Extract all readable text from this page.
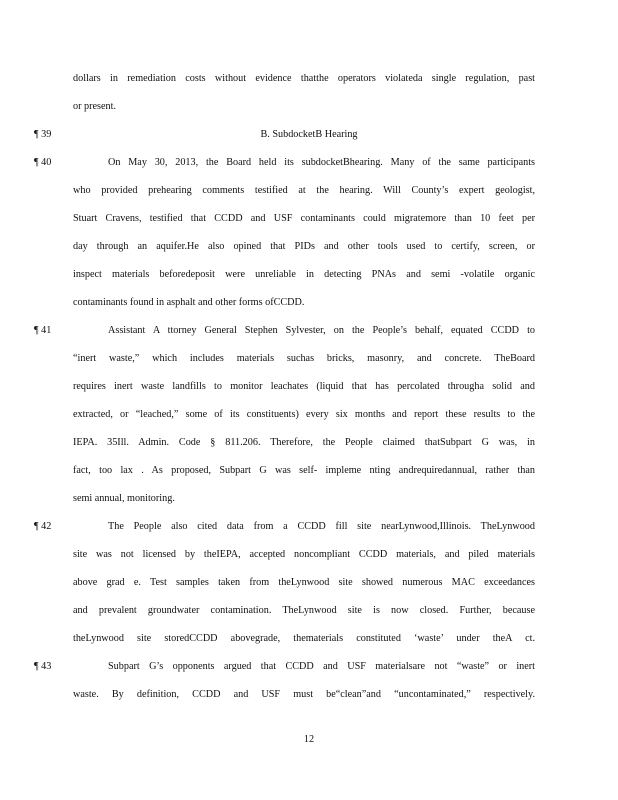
dollars in remediation costs without evidence thatthe operators violateda single regulation, past
or present.
¶ 39	B. SubdocketB Hearing
¶ 40	On May 30, 2013, the Board held its subdocketBhearing. Many of the same participants
who provided prehearing comments testified at the hearing. Will County’s expert geologist,
Stuart Cravens, testified that CCDD and USF contaminants could migratemore than 10 feet per
day through an aquifer.He also opined that PIDs and other tools used to certify, screen, or
inspect materials beforedeposit were unreliable in detecting PNAs and semi -volatile organic
contaminants found in asphalt and other forms ofCCDD.
¶ 41	Assistant A ttorney General Stephen Sylvester, on the People’s behalf, equated CCDD to
“inert waste,” which includes materials suchas bricks, masonry, and concrete. TheBoard
requires inert waste landfills to monitor leachates (liquid that has percolated througha solid and
extracted, or “leached,” some of its constituents) every six months and report these results to the
IEPA. 35Ill. Admin. Code § 811.206. Therefore, the People claimed thatSubpart G was, in
fact, too lax . As proposed, Subpart G was self- impleme nting andrequiredannual, rather than
semi annual, monitoring.
¶ 42	The People also cited data from a CCDD fill site nearLynwood,Illinois. TheLynwood
site was not licensed by theIEPA, accepted noncompliant CCDD materials, and piled materials
above grad e. Test samples taken from theLynwood site showed numerous MAC exceedances
and prevalent groundwater contamination. TheLynwood site is now closed. Further, because
theLynwood site storedCCDD abovegrade, thematerials constituted ‘waste’ under theA ct.
¶ 43	Subpart G’s opponents argued that CCDD and USF materialsare not “waste” or inert
waste. By definition, CCDD and USF must be“clean”and “uncontaminated,” respectively.
12
